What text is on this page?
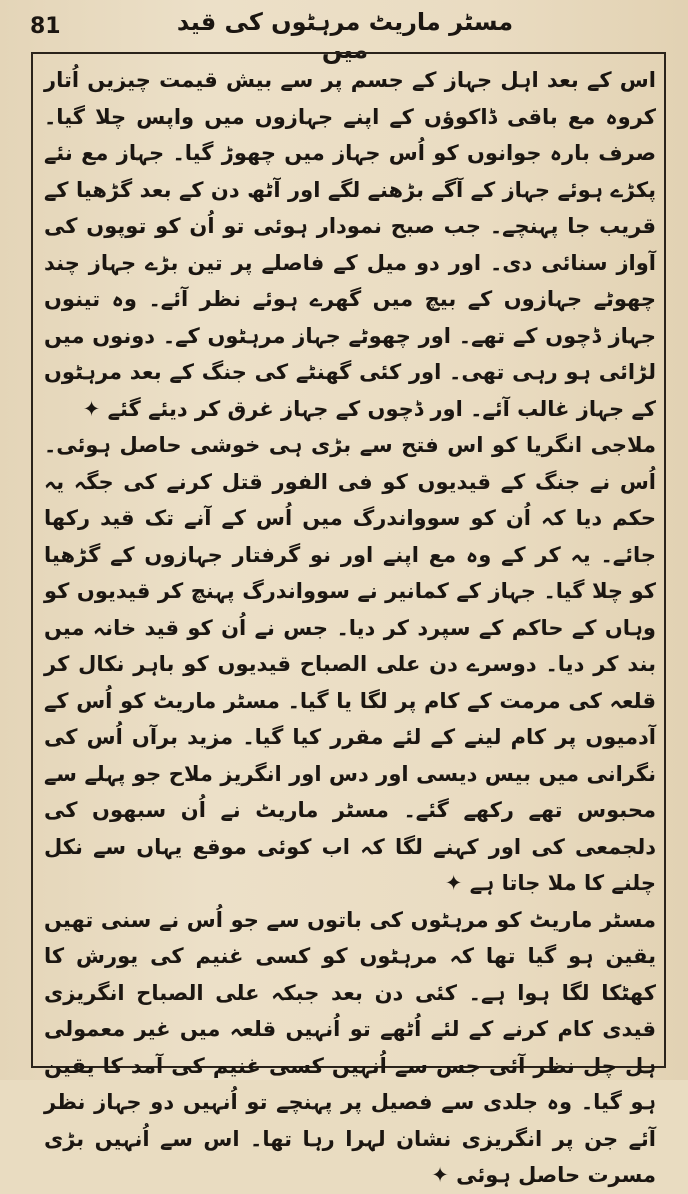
81	مسٹر ماریٹ مرہٹوں کی قید میں

اس کے بعد اہل جہاز کے جسم پر سے بیش قیمت چیزیں اُتار کروہ مع باقی ڈاکوؤں کے اپنے جہازوں میں واپس چلا گیا۔ صرف بارہ جوانوں کو اُس جہاز میں چھوڑ گیا۔ جہاز مع نئے پکڑے ہوئے جہاز کے آگے بڑھنے لگے اور آٹھ دن کے بعد گڑھیا کے قریب جا پہنچے۔ جب صبح نمودار ہوئی تو اُن کو توپوں کی آواز سنائی دی۔ اور دو میل کے فاصلے پر تین بڑے جہاز چند چھوٹے جہازوں کے بیچ میں گھرے ہوئے نظر آئے۔ وہ تینوں جہاز ڈچوں کے تھے۔ اور چھوٹے جہاز مرہٹوں کے۔ دونوں میں لڑائی ہو رہی تھی۔ اور کئی گھنٹے کی جنگ کے بعد مرہٹوں کے جہاز غالب آئے۔ اور ڈچوں کے جہاز غرق کر دیئے گئے ✦

ملاجی انگریا کو اس فتح سے بڑی ہی خوشی حاصل ہوئی۔ اُس نے جنگ کے قیدیوں کو فی الفور قتل کرنے کی جگہ یہ حکم دیا کہ اُن کو سوواندرگ میں اُس کے آنے تک قید رکھا جائے۔ یہ کر کے وہ مع اپنے اور نو گرفتار جہازوں کے گڑھیا کو چلا گیا۔ جہاز کے کمانیر نے سوواندرگ پہنچ کر قیدیوں کو وہاں کے حاکم کے سپرد کر دیا۔ جس نے اُن کو قید خانہ میں بند کر دیا۔ دوسرے دن علی الصباح قیدیوں کو باہر نکال کر قلعہ کی مرمت کے کام پر لگا یا گیا۔ مسٹر ماریٹ کو اُس کے آدمیوں پر کام لینے کے لئے مقرر کیا گیا۔ مزید برآں اُس کی نگرانی میں بیس دیسی اور دس اور انگریز ملاح جو پہلے سے محبوس تھے رکھے گئے۔ مسٹر ماریٹ نے اُن سبھوں کی دلجمعی کی اور کہنے لگا کہ اب کوئی موقع یہاں سے نکل چلنے کا ملا جاتا ہے ✦

مسٹر ماریٹ کو مرہٹوں کی باتوں سے جو اُس نے سنی تھیں یقین ہو گیا تھا کہ مرہٹوں کو کسی غنیم کی یورش کا کھٹکا لگا ہوا ہے۔ کئی دن بعد جبکہ علی الصباح انگریزی قیدی کام کرنے کے لئے اُٹھے تو اُنہیں قلعہ میں غیر معمولی ہل چل نظر آئی جس سے اُنہیں کسی غنیم کی آمد کا یقین ہو گیا۔ وہ جلدی سے فصیل پر پہنچے تو اُنہیں دو جہاز نظر آئے جن پر انگریزی نشان لہرا رہا تھا۔ اس سے اُنہیں بڑی مسرت حاصل ہوئی ✦
